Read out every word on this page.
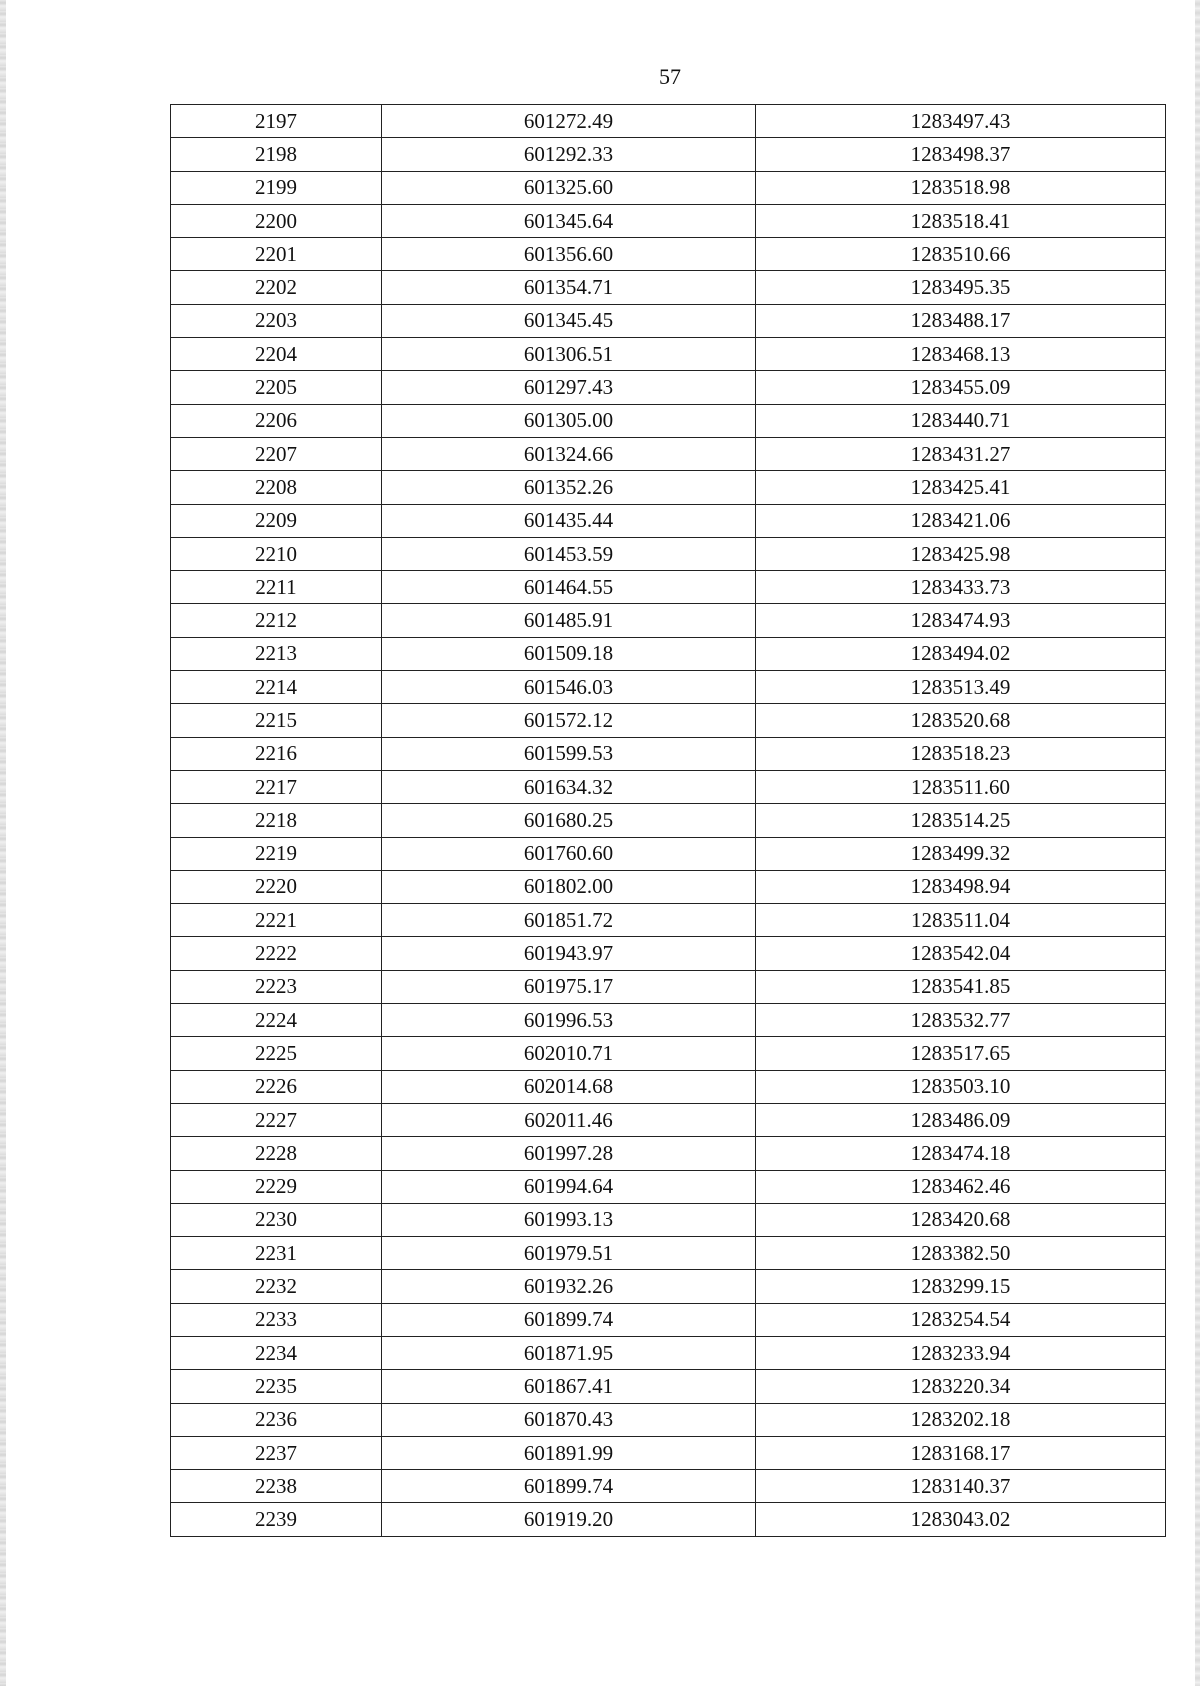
57
2197	601272.49	1283497.43
2198	601292.33	1283498.37
2199	601325.60	1283518.98
2200	601345.64	1283518.41
2201	601356.60	1283510.66
2202	601354.71	1283495.35
2203	601345.45	1283488.17
2204	601306.51	1283468.13
2205	601297.43	1283455.09
2206	601305.00	1283440.71
2207	601324.66	1283431.27
2208	601352.26	1283425.41
2209	601435.44	1283421.06
2210	601453.59	1283425.98
2211	601464.55	1283433.73
2212	601485.91	1283474.93
2213	601509.18	1283494.02
2214	601546.03	1283513.49
2215	601572.12	1283520.68
2216	601599.53	1283518.23
2217	601634.32	1283511.60
2218	601680.25	1283514.25
2219	601760.60	1283499.32
2220	601802.00	1283498.94
2221	601851.72	1283511.04
2222	601943.97	1283542.04
2223	601975.17	1283541.85
2224	601996.53	1283532.77
2225	602010.71	1283517.65
2226	602014.68	1283503.10
2227	602011.46	1283486.09
2228	601997.28	1283474.18
2229	601994.64	1283462.46
2230	601993.13	1283420.68
2231	601979.51	1283382.50
2232	601932.26	1283299.15
2233	601899.74	1283254.54
2234	601871.95	1283233.94
2235	601867.41	1283220.34
2236	601870.43	1283202.18
2237	601891.99	1283168.17
2238	601899.74	1283140.37
2239	601919.20	1283043.02
